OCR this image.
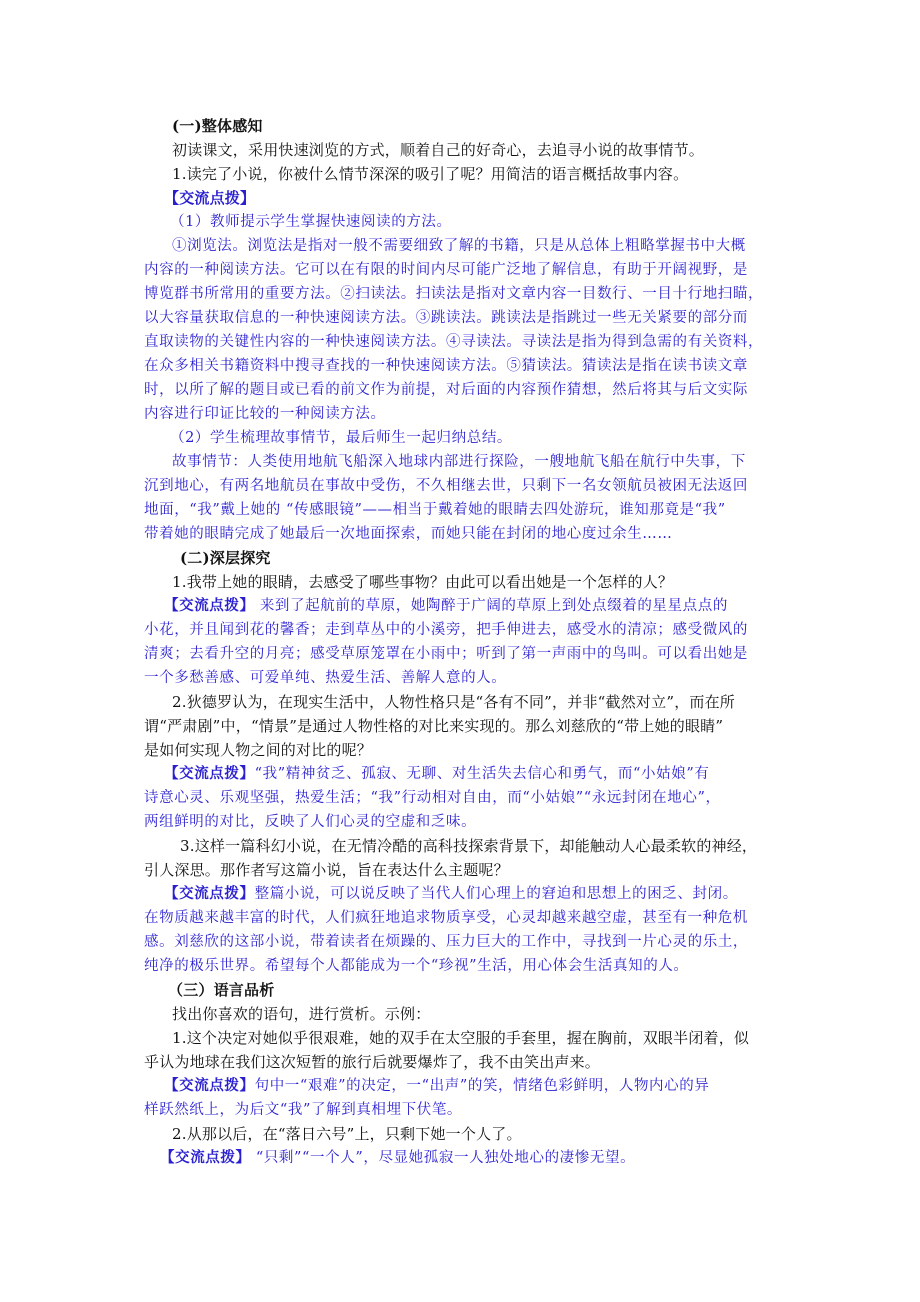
(一)整体感知
初读课文，采用快速浏览的方式，顺着自己的好奇心，去追寻小说的故事情节。
1.读完了小说，你被什么情节深深的吸引了呢？用简洁的语言概括故事内容。
【交流点拨】
（1）教师提示学生掌握快速阅读的方法。
①浏览法。浏览法是指对一般不需要细致了解的书籍，只是从总体上粗略掌握书中大概
内容的一种阅读方法。它可以在有限的时间内尽可能广泛地了解信息，有助于开阔视野，是
博览群书所常用的重要方法。②扫读法。扫读法是指对文章内容一目数行、一目十行地扫瞄，
以大容量获取信息的一种快速阅读方法。③跳读法。跳读法是指跳过一些无关紧要的部分而
直取读物的关键性内容的一种快速阅读方法。④寻读法。寻读法是指为得到急需的有关资料，
在众多相关书籍资料中搜寻查找的一种快速阅读方法。⑤猜读法。猜读法是指在读书读文章
时，以所了解的题目或已看的前文作为前提，对后面的内容预作猜想，然后将其与后文实际
内容进行印证比较的一种阅读方法。
（2）学生梳理故事情节，最后师生一起归纳总结。
故事情节：人类使用地航飞船深入地球内部进行探险，一艘地航飞船在航行中失事，下
沉到地心，有两名地航员在事故中受伤，不久相继去世，只剩下一名女领航员被困无法返回
地面，“我”戴上她的 “传感眼镜”——相当于戴着她的眼睛去四处游玩，谁知那竟是“我”
带着她的眼睛完成了她最后一次地面探索，而她只能在封闭的地心度过余生……
(二)深层探究
1.我带上她的眼睛，去感受了哪些事物？由此可以看出她是一个怎样的人？
【交流点拨】 来到了起航前的草原，她陶醉于广阔的草原上到处点缀着的星星点点的
小花，并且闻到花的馨香；走到草丛中的小溪旁，把手伸进去，感受水的清凉；感受微风的
清爽；去看升空的月亮；感受草原笼罩在小雨中；听到了第一声雨中的鸟叫。可以看出她是
一个多愁善感、可爱单纯、热爱生活、善解人意的人。
2.狄德罗认为，在现实生活中，人物性格只是“各有不同”，并非“截然对立”，而在所
谓“严肃剧”中，“情景”是通过人物性格的对比来实现的。那么刘慈欣的“带上她的眼睛”
是如何实现人物之间的对比的呢？
【交流点拨】“我”精神贫乏、孤寂、无聊、对生活失去信心和勇气，而“小姑娘”有
诗意心灵、乐观坚强，热爱生活；“我”行动相对自由，而“小姑娘”“永远封闭在地心”，
两组鲜明的对比，反映了人们心灵的空虚和乏味。
3.这样一篇科幻小说，在无情冷酷的高科技探索背景下，却能触动人心最柔软的神经，
引人深思。那作者写这篇小说，旨在表达什么主题呢？
【交流点拨】整篇小说，可以说反映了当代人们心理上的窘迫和思想上的困乏、封闭。
在物质越来越丰富的时代，人们疯狂地追求物质享受，心灵却越来越空虚，甚至有一种危机
感。刘慈欣的这部小说，带着读者在烦躁的、压力巨大的工作中，寻找到一片心灵的乐土，
纯净的极乐世界。希望每个人都能成为一个“珍视”生活，用心体会生活真知的人。
（三）语言品析
找出你喜欢的语句，进行赏析。示例：
1.这个决定对她似乎很艰难，她的双手在太空服的手套里，握在胸前，双眼半闭着，似
乎认为地球在我们这次短暂的旅行后就要爆炸了，我不由笑出声来。
【交流点拨】句中一“艰难”的决定，一“出声”的笑，情绪色彩鲜明，人物内心的异
样跃然纸上，为后文“我”了解到真相埋下伏笔。
2.从那以后，在“落日六号”上，只剩下她一个人了。
【交流点拨】 “只剩”“一个人”，尽显她孤寂一人独处地心的凄惨无望。
